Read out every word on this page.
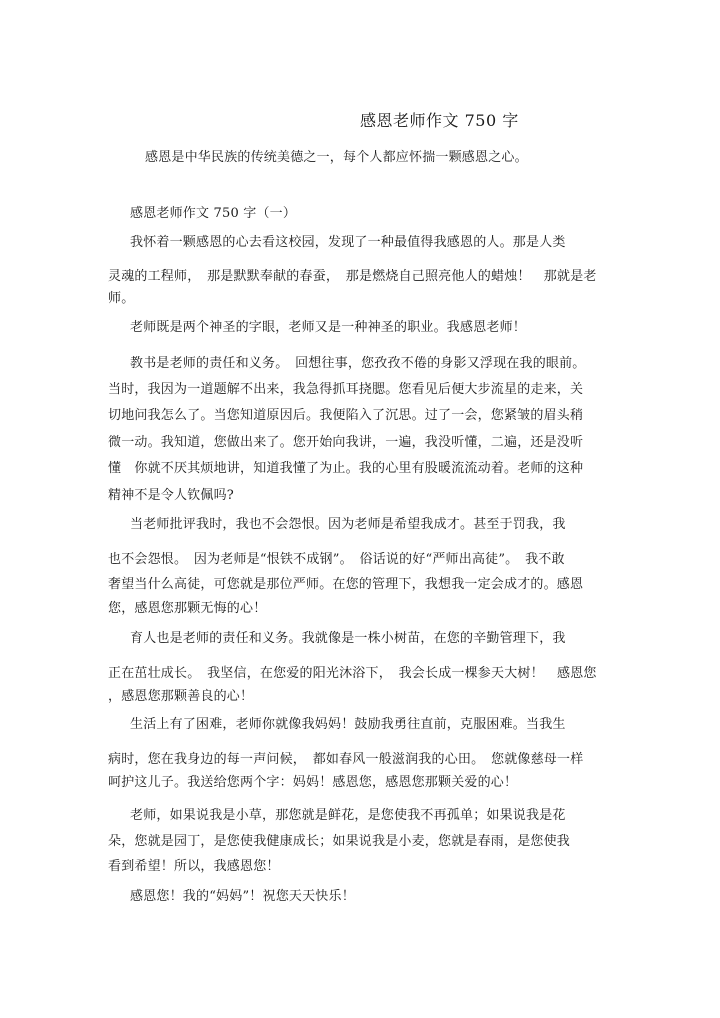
感恩老师作文 750 字
感恩是中华民族的传统美德之一，每个人都应怀揣一颗感恩之心。
感恩老师作文 750 字（一）
我怀着一颗感恩的心去看这校园，发现了一种最值得我感恩的人。那是人类
灵魂的工程师，　那是默默奉献的春蚕，　那是燃烧自己照亮他人的蜡烛！　那就是老
师。
老师既是两个神圣的字眼，老师又是一种神圣的职业。我感恩老师！
教书是老师的责任和义务。　回想往事，您孜孜不倦的身影又浮现在我的眼前。
当时，我因为一道题解不出来，我急得抓耳挠腮。您看见后便大步流星的走来，关
切地问我怎么了。当您知道原因后。我便陷入了沉思。过了一会，您紧皱的眉头稍
微一动。我知道，您做出来了。您开始向我讲，一遍，我没听懂，二遍，还是没听
懂　你就不厌其烦地讲，知道我懂了为止。我的心里有股暖流流动着。老师的这种
精神不是令人钦佩吗?
当老师批评我时，我也不会怨恨。因为老师是希望我成才。甚至于罚我，我
也不会怨恨。　因为老师是“恨铁不成钢”。　俗话说的好“严师出高徒”。　我不敢
奢望当什么高徒，可您就是那位严师。在您的管理下，我想我一定会成才的。感恩
您，感恩您那颗无悔的心！
育人也是老师的责任和义务。我就像是一株小树苗，在您的辛勤管理下，我
正在茁壮成长。　我坚信，在您爱的阳光沐浴下，　我会长成一棵参天大树！　感恩您
，感恩您那颗善良的心！
生活上有了困难，老师你就像我妈妈！鼓励我勇往直前，克服困难。当我生
病时，您在我身边的每一声问候，　都如春风一般滋润我的心田。　您就像慈母一样
呵护这儿子。我送给您两个字：妈妈！感恩您，感恩您那颗关爱的心！
老师，如果说我是小草，那您就是鲜花，是您使我不再孤单；如果说我是花
朵，您就是园丁，是您使我健康成长；如果说我是小麦，您就是春雨，是您使我
看到希望！所以，我感恩您！
感恩您！我的“妈妈”！祝您天天快乐！
